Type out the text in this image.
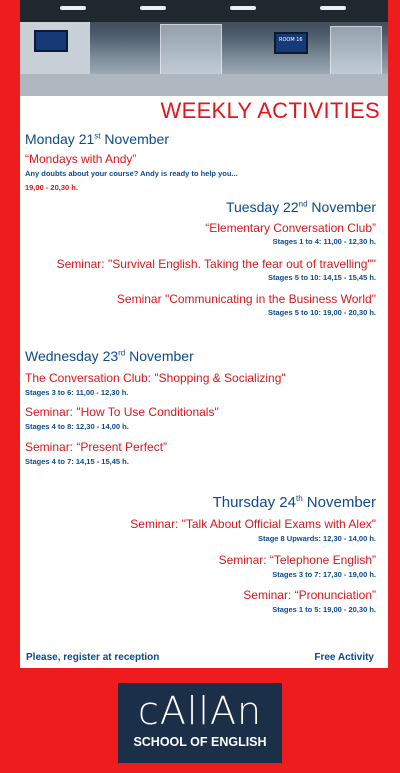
ROOM 16
WEEKLY ACTIVITIES
Monday 21st November
“Mondays with Andy”
Any doubts about your course? Andy is ready to help you...
19,00 - 20,30 h.
Tuesday 22nd November
“Elementary Conversation Club”
Stages 1 to 4: 11,00 - 12,30 h.
Seminar: "Survival English. Taking the fear out of travelling""
Stages 5 to 10: 14,15 - 15,45 h.
Seminar "Communicating in the Business World"
Stages 5 to 10: 19,00 - 20,30 h.
Wednesday 23rd November
The Conversation Club: "Shopping & Socializing"
Stages 3 to 6: 11,00 - 12,30 h.
Seminar: "How To Use Conditionals"
Stages 4 to 8: 12,30 - 14,00 h.
Seminar: “Present Perfect”
Stages 4 to 7: 14,15 - 15,45 h.
Thursday 24th November
Seminar: "Talk About Official Exams with Alex"
Stage 8 Upwards: 12,30 - 14,00 h.
Seminar: “Telephone English”
Stages 3 to 7: 17,30 - 19,00 h.
Seminar: “Pronunciation”
Stages 1 to 5: 19,00 - 20,30 h.
Please, register at reception	Free Activity
cAllAn
SCHOOL OF ENGLISH
